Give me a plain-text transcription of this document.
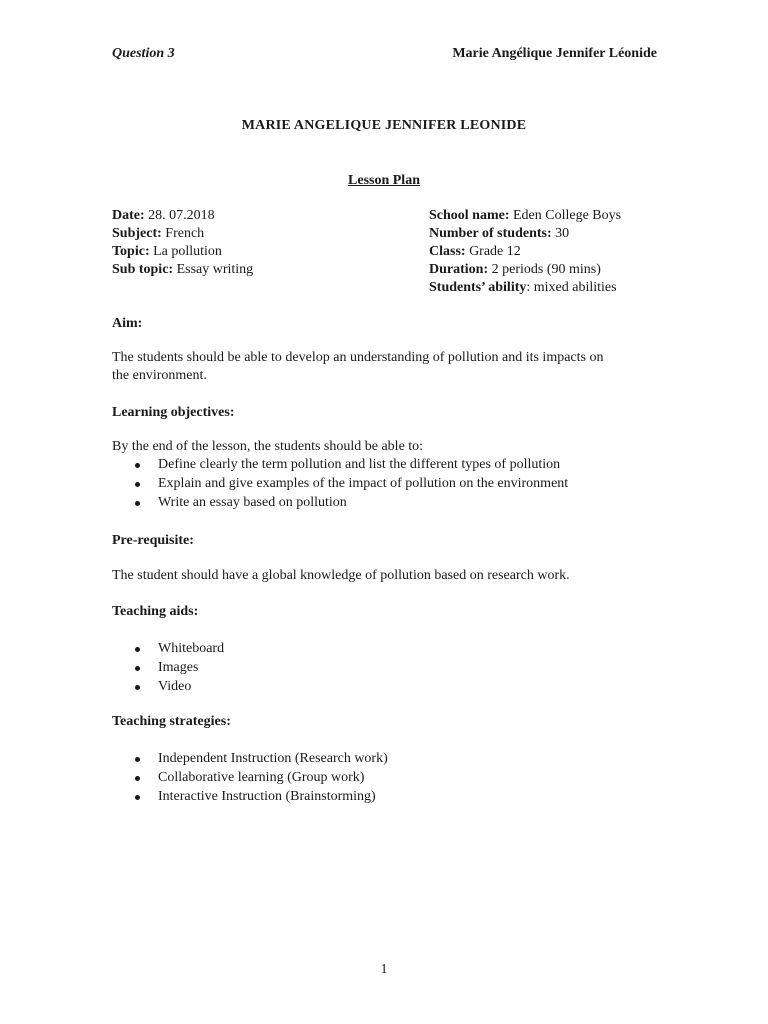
Question 3	Marie Angélique Jennifer Léonide
MARIE ANGELIQUE JENNIFER LEONIDE
Lesson Plan
Date: 28. 07.2018	School name: Eden College Boys
Subject: French	Number of students: 30
Topic: La pollution	Class: Grade 12
Sub topic: Essay writing	Duration: 2 periods (90 mins)
Students’ ability: mixed abilities
Aim:
The students should be able to develop an understanding of pollution and its impacts on
the environment.
Learning objectives:
By the end of the lesson, the students should be able to:
Define clearly the term pollution and list the different types of pollution
Explain and give examples of the impact of pollution on the environment
Write an essay based on pollution
Pre-requisite:
The student should have a global knowledge of pollution based on research work.
Teaching aids:
Whiteboard
Images
Video
Teaching strategies:
Independent Instruction (Research work)
Collaborative learning (Group work)
Interactive Instruction (Brainstorming)
1
